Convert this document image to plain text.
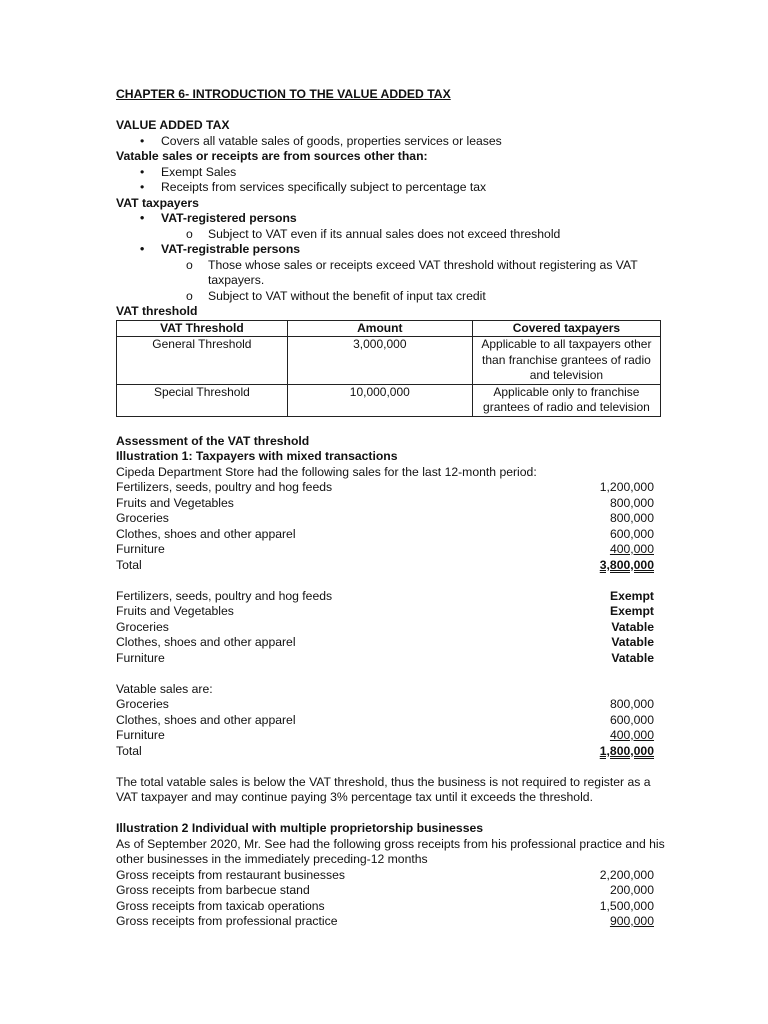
CHAPTER 6- INTRODUCTION TO THE VALUE ADDED TAX
VALUE ADDED TAX
• Covers all vatable sales of goods, properties services or leases
Vatable sales or receipts are from sources other than:
• Exempt Sales
• Receipts from services specifically subject to percentage tax
VAT taxpayers
• VAT-registered persons
o Subject to VAT even if its annual sales does not exceed threshold
• VAT-registrable persons
o Those whose sales or receipts exceed VAT threshold without registering as VAT
taxpayers.
o Subject to VAT without the benefit of input tax credit
VAT threshold
VAT Threshold	Amount	Covered taxpayers
General Threshold	3,000,000	Applicable to all taxpayers other than franchise grantees of radio and television
Special Threshold	10,000,000	Applicable only to franchise grantees of radio and television
Assessment of the VAT threshold
Illustration 1: Taxpayers with mixed transactions
Cipeda Department Store had the following sales for the last 12-month period:
Fertilizers, seeds, poultry and hog feeds	1,200,000
Fruits and Vegetables	800,000
Groceries	800,000
Clothes, shoes and other apparel	600,000
Furniture	400,000
Total	3,800,000
Fertilizers, seeds, poultry and hog feeds	Exempt
Fruits and Vegetables	Exempt
Groceries	Vatable
Clothes, shoes and other apparel	Vatable
Furniture	Vatable
Vatable sales are:
Groceries	800,000
Clothes, shoes and other apparel	600,000
Furniture	400,000
Total	1,800,000
The total vatable sales is below the VAT threshold, thus the business is not required to register as a
VAT taxpayer and may continue paying 3% percentage tax until it exceeds the threshold.
Illustration 2 Individual with multiple proprietorship businesses
As of September 2020, Mr. See had the following gross receipts from his professional practice and his
other businesses in the immediately preceding-12 months
Gross receipts from restaurant businesses	2,200,000
Gross receipts from barbecue stand	200,000
Gross receipts from taxicab operations	1,500,000
Gross receipts from professional practice	900,000
